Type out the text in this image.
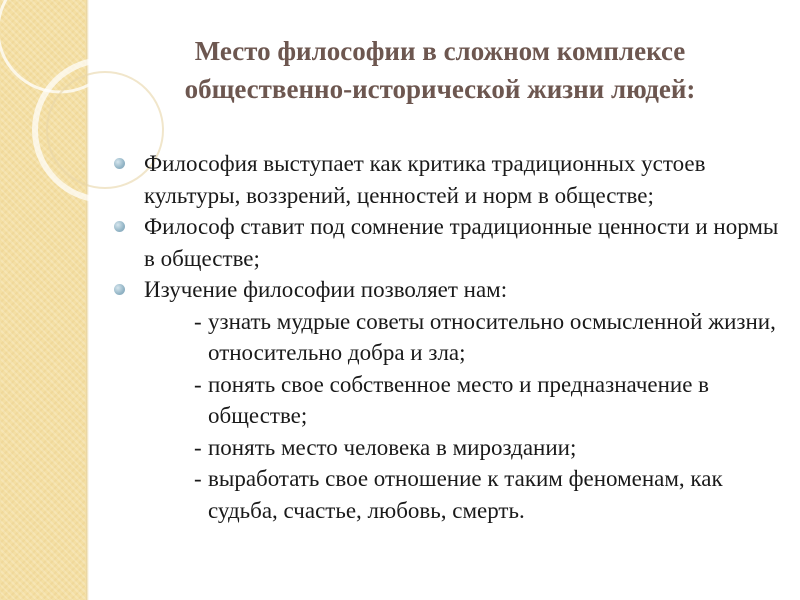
Место философии в сложном комплексе
общественно-исторической жизни людей:
Философия выступает как критика традиционных устоев культуры, воззрений, ценностей и норм в обществе;
Философ ставит под сомнение традиционные ценности и нормы в обществе;
Изучение философии позволяет нам:
- узнать мудрые советы относительно осмысленной жизни, относительно добра и зла;
- понять свое собственное место и предназначение в обществе;
- понять место человека в мироздании;
- выработать свое отношение к таким феноменам, как судьба, счастье, любовь, смерть.
